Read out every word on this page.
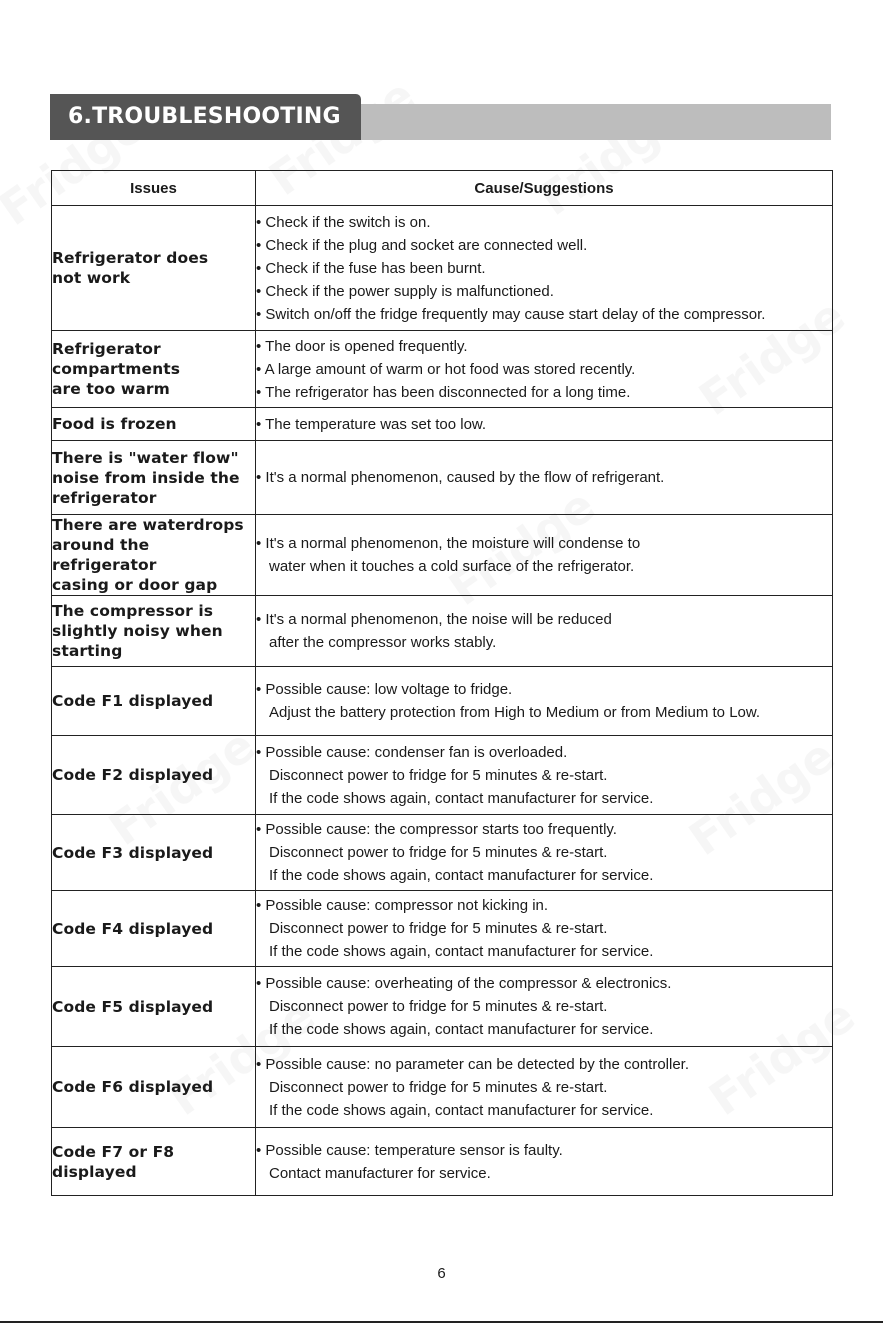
6.TROUBLESHOOTING
Issues	Cause/Suggestions

Refrigerator does
not work	• Check if the switch is on.
• Check if the plug and socket are connected well.
• Check if the fuse has been burnt.
• Check if the power supply is malfunctioned.
• Switch on/off the fridge frequently may cause start delay of the compressor.

Refrigerator
compartments
are too warm	• The door is opened frequently.
• A large amount of warm or hot food was stored recently.
• The refrigerator has been disconnected for a long time.

Food is frozen	• The temperature was set too low.

There is "water flow"
noise from inside the
refrigerator	• It's a normal phenomenon, caused by the flow of refrigerant.

There are waterdrops
around the refrigerator
casing or door gap	• It's a normal phenomenon, the moisture will condense to
water when it touches a cold surface of the refrigerator.

The compressor is
slightly noisy when
starting	• It's a normal phenomenon, the noise will be reduced
after the compressor works stably.

Code F1 displayed	• Possible cause: low voltage to fridge.
Adjust the battery protection from High to Medium or from Medium to Low.

Code F2 displayed	• Possible cause: condenser fan is overloaded.
Disconnect power to fridge for 5 minutes & re-start.
If the code shows again, contact manufacturer for service.

Code F3 displayed	• Possible cause: the compressor starts too frequently.
Disconnect power to fridge for 5 minutes & re-start.
If the code shows again, contact manufacturer for service.

Code F4 displayed	• Possible cause: compressor not kicking in.
Disconnect power to fridge for 5 minutes & re-start.
If the code shows again, contact manufacturer for service.

Code F5 displayed	• Possible cause: overheating of the compressor & electronics.
Disconnect power to fridge for 5 minutes & re-start.
If the code shows again, contact manufacturer for service.

Code F6 displayed	• Possible cause: no parameter can be detected by the controller.
Disconnect power to fridge for 5 minutes & re-start.
If the code shows again, contact manufacturer for service.

Code F7 or F8 displayed	• Possible cause: temperature sensor is faulty.
Contact manufacturer for service.
6
